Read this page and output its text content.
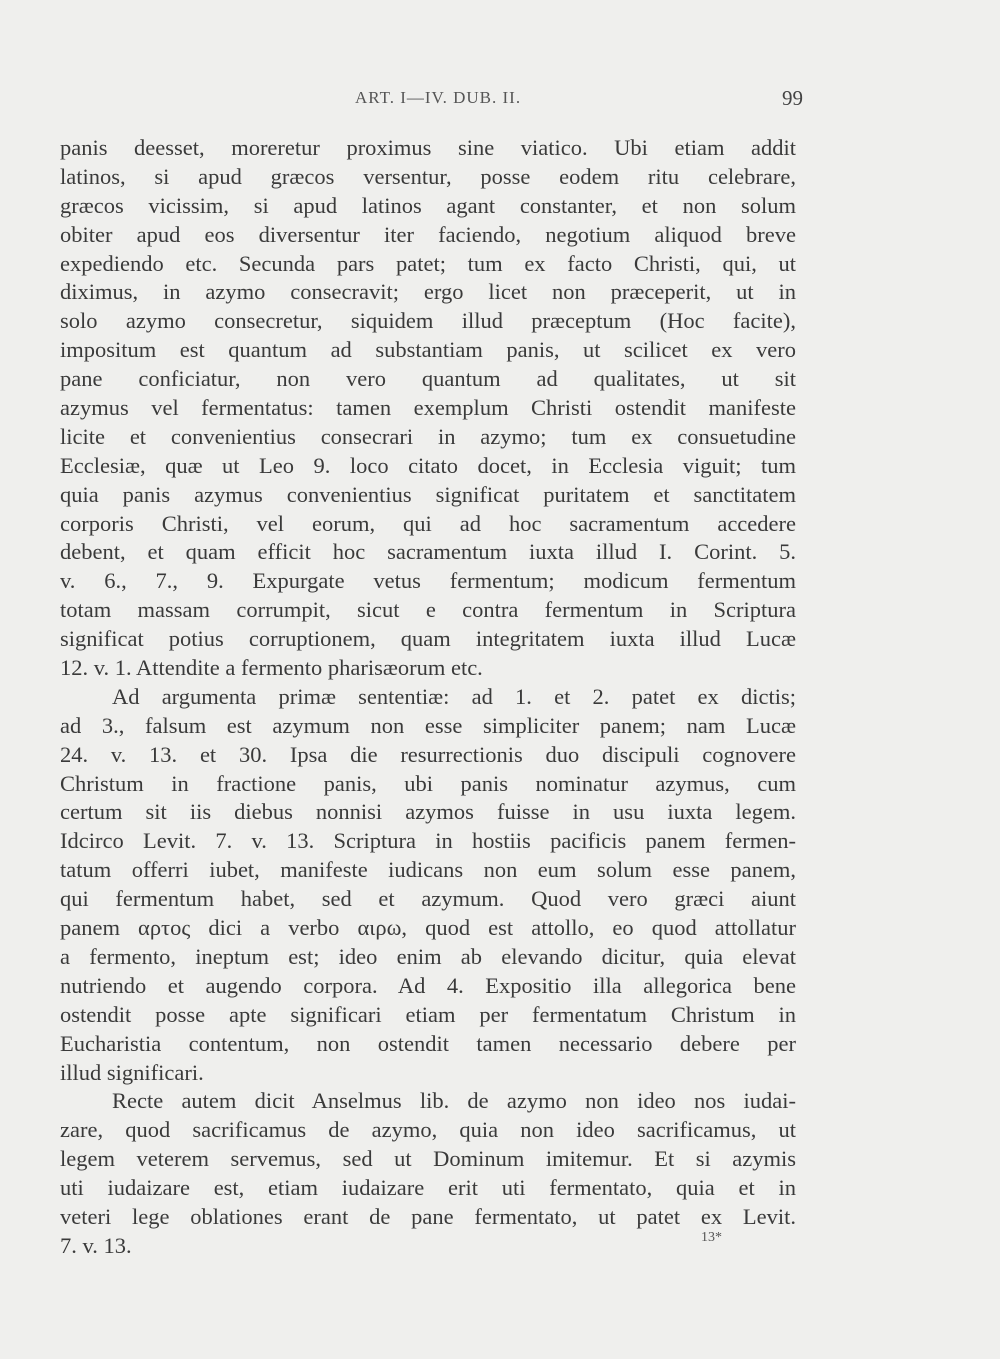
ART. I—IV. DUB. II.	99
panis deesset, moreretur proximus sine viatico. Ubi etiam addit
latinos, si apud græcos versentur, posse eodem ritu celebrare,
græcos vicissim, si apud latinos agant constanter, et non solum
obiter apud eos diversentur iter faciendo, negotium aliquod breve
expediendo etc. Secunda pars patet; tum ex facto Christi, qui, ut
diximus, in azymo consecravit; ergo licet non præceperit, ut in
solo azymo consecretur, siquidem illud præceptum (Hoc facite),
impositum est quantum ad substantiam panis, ut scilicet ex vero
pane conficiatur, non vero quantum ad qualitates, ut sit
azymus vel fermentatus: tamen exemplum Christi ostendit manifeste
licite et convenientius consecrari in azymo; tum ex consuetudine
Ecclesiæ, quæ ut Leo 9. loco citato docet, in Ecclesia viguit; tum
quia panis azymus convenientius significat puritatem et sanctitatem
corporis Christi, vel eorum, qui ad hoc sacramentum accedere
debent, et quam efficit hoc sacramentum iuxta illud I. Corint. 5.
v. 6., 7., 9. Expurgate vetus fermentum; modicum fermentum
totam massam corrumpit, sicut e contra fermentum in Scriptura
significat potius corruptionem, quam integritatem iuxta illud Lucæ
12. v. 1. Attendite a fermento pharisæorum etc.
Ad argumenta primæ sententiæ: ad 1. et 2. patet ex dictis;
ad 3., falsum est azymum non esse simpliciter panem; nam Lucæ
24. v. 13. et 30. Ipsa die resurrectionis duo discipuli cognovere
Christum in fractione panis, ubi panis nominatur azymus, cum
certum sit iis diebus nonnisi azymos fuisse in usu iuxta legem.
Idcirco Levit. 7. v. 13. Scriptura in hostiis pacificis panem fermen-
tatum offerri iubet, manifeste iudicans non eum solum esse panem,
qui fermentum habet, sed et azymum. Quod vero græci aiunt
panem αρτος dici a verbo αιρω, quod est attollo, eo quod attollatur
a fermento, ineptum est; ideo enim ab elevando dicitur, quia elevat
nutriendo et augendo corpora. Ad 4. Expositio illa allegorica bene
ostendit posse apte significari etiam per fermentatum Christum in
Eucharistia contentum, non ostendit tamen necessario debere per
illud significari.
Recte autem dicit Anselmus lib. de azymo non ideo nos iudai-
zare, quod sacrificamus de azymo, quia non ideo sacrificamus, ut
legem veterem servemus, sed ut Dominum imitemur. Et si azymis
uti iudaizare est, etiam iudaizare erit uti fermentato, quia et in
veteri lege oblationes erant de pane fermentato, ut patet ex Levit.
7. v. 13.	13*
